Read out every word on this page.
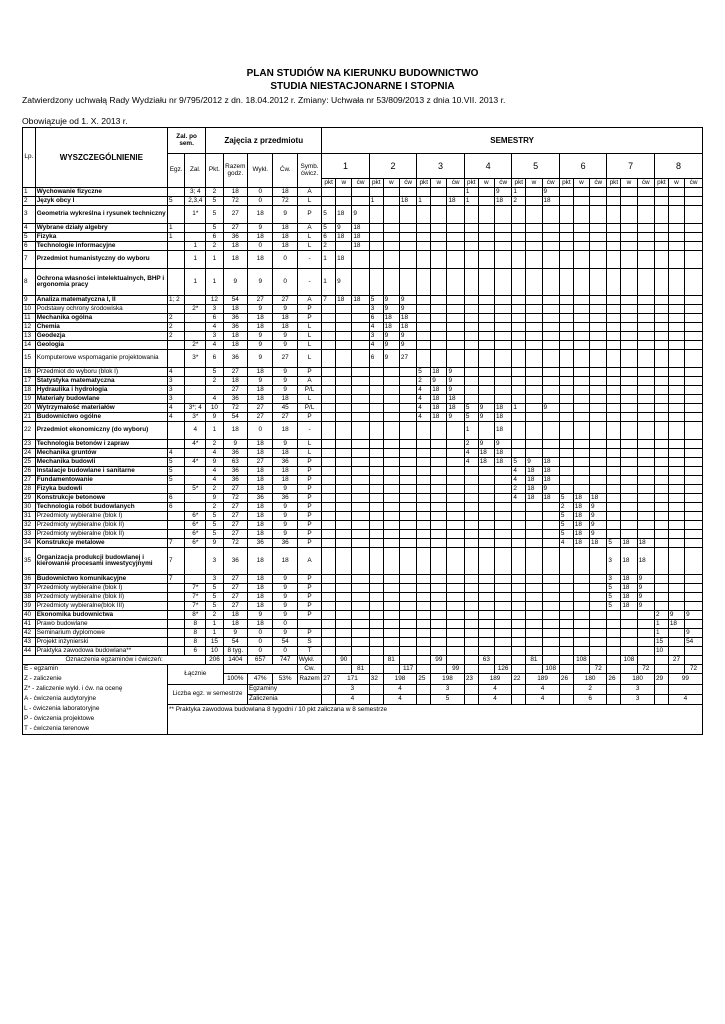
PLAN STUDIÓW NA KIERUNKU BUDOWNICTWO
STUDIA NIESTACJONARNE I STOPNIA
Zatwierdzony uchwałą Rady Wydziału nr 9/795/2012 z dn. 18.04.2012 r. Zmiany: Uchwała nr 53/809/2013 z dnia 10.VII. 2013 r.
Obowiązuje od 1. X. 2013 r.
Lp.	WYSZCZEGÓLNIENIE	Zal. po sem.		Zajęcia z przedmiotu					SEMESTRY																							
		Egz.	Zal.	Pkt.	Razem godz.	Wykł.	Ćw.	Symb. ćwicz.	1			2			3			4			5			6			7			8		
									pkt	w	ćw	pkt	w	ćw	pkt	w	ćw	pkt	w	ćw	pkt	w	ćw	pkt	w	ćw	pkt	w	ćw	pkt	w	ćw
1	Wychowanie fizyczne		3; 4	2	18	0	18	A										1		9	1		9									
2	Język obcy I	5	2,3,4	5	72	0	72	L				1		18	1		18	1		18	2		18									
3	Geometria wykreślna i rysunek techniczny		1*	5	27	18	9	P	5	18	9																					
4	Wybrane działy algebry	1		5	27	9	18	A	5	9	18																					
5	Fizyka	1		6	36	18	18	L	6	18	18																					
6	Technologie informacyjne		1	2	18	0	18	L	2		18																					
7	Przedmiot humanistyczny do wyboru		1	1	18	18	0	-	1	18																						
8	Ochrona własności intelektualnych, BHP i ergonomia pracy		1	1	9	9	0	-	1	9																						
9	Analiza matematyczna I, II	1; 2		12	54	27	27	A	7	18	18	5	9	9																		
10	Podstawy ochrony środowiska		2*	3	18	9	9	P				3	9	9																		
11	Mechanika ogólna	2		6	36	18	18	P				6	18	18																		
12	Chemia	2		4	36	18	18	L				4	18	18																		
13	Geodezja	2		3	18	9	9	L				3	9	9																		
14	Geologia		2*	4	18	9	9	L				4	9	9																		
15	Komputerowe wspomaganie projektowania		3*	6	36	9	27	L				6	9	27																		
16	Przedmiot do wyboru (blok I)	4		5	27	18	9	P							5	18	9															
17	Statystyka matematyczna	3		2	18	9	9	A							2	9	9															
18	Hydraulika i hydrologia	3			27	18	9	P/L							4	18	9															
19	Materiały budowlane	3		4	36	18	18	L							4	18	18															
20	Wytrzymałość materiałów	4	3*; 4	10	72	27	45	P/L							4	18	18	5	9	18	1		9									
21	Budownictwo ogólne	4	3*	9	54	27	27	P							4	18	9	5	9	18												
22	Przedmiot ekonomiczny (do wyboru)		4	1	18	0	18	-										1		18												
23	Technologia betonów i zapraw		4*	2	9	18	9	L										2	9	9												
24	Mechanika gruntów	4		4	36	18	18	L										4	18	18												
25	Mechanika budowli	5	4*	9	63	27	36	P										4	18	18	5	9	18									
26	Instalacje budowlane i sanitarne	5		4	36	18	18	P													4	18	18									
27	Fundamentowanie	5		4	36	18	18	P													4	18	18									
28	Fizyka budowli		5*	2	27	18	9	P													2	18	9									
29	Konstrukcje betonowe	6		9	72	36	36	P													4	18	18	5	18	18						
30	Technologia robót budowlanych	6		2	27	18	9	P																2	18	9						
31	Przedmioty wybieralne (blok I)		6*	5	27	18	9	P																5	18	9						
32	Przedmioty wybieralne (blok II)		6*	5	27	18	9	P																5	18	9						
33	Przedmioty wybieralne (blok II)		6*	5	27	18	9	P																5	18	9						
34	Konstrukcje metalowe	7	6*	9	72	36	36	P																4	18	18	5	18	18			
35	Organizacja produkcji budowlanej i kierowanie procesami inwestycyjnymi	7		3	36	18	18	A																			3	18	18			
36	Budownictwo komunikacyjne	7		3	27	18	9	P																			3	18	9			
37	Przedmioty wybieralne (blok I)		7*	5	27	18	9	P																			5	18	9			
38	Przedmioty wybieralne (blok II)		7*	5	27	18	9	P																			5	18	9			
39	Przedmioty wybieralne(blok III)		7*	5	27	18	9	P																			5	18	9			
40	Ekonomika budownictwa		8*	2	18	9	9	P																						2	9	9
41	Prawo budowlane		8	1	18	18	0																							1	18	
42	Seminarium dyplomowe		8	1	9	0	9	P																						1		9
43	Projekt inżynierski		8	15	54	0	54	S																						15		54
44	Praktyka zawodowa budowlana**		6	10	8 tyg.	0	0	T																						10		
Oznaczenia egzaminów i ćwiczeń:				206	1404	657	747	Wykł.		90			81			99			63			81			108			108			27	
E - egzamin		Łącznie						Ćw.			81			117			99			126			108			72			72			72
Z - zaliczenie					100%	47%	53%	Razem	27	171		32	198		25	198		23	189		22	189		26	180		26	180		29	99	
Z* - zaliczenie wykł. i ćw. na ocenę		Liczba egz. w semestrze				Egzaminy				3			4			3			4			4			2			3				
A - ćwiczenia audytoryjne						Zaliczenia				4			4			5			4			4			6			3			4	
L - ćwiczenia laboratoryjne		** Praktyka zawodowa budowlana 8 tygodni / 10 pkt zaliczana w 8 semestrze																														
P - ćwiczenia projektowe																																
T - ćwiczenia terenowe																																
